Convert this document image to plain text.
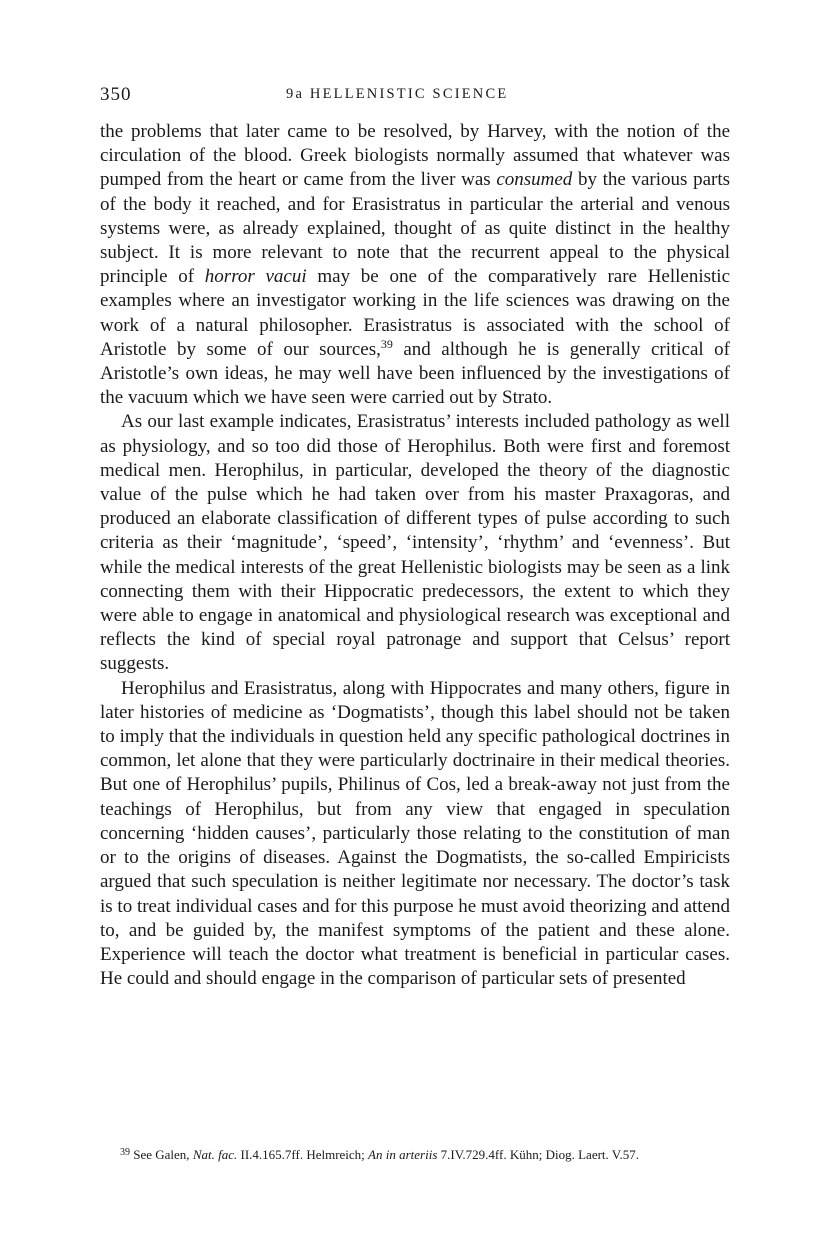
350	9a HELLENISTIC SCIENCE

the problems that later came to be resolved, by Harvey, with the notion of the circulation of the blood. Greek biologists normally assumed that whatever was pumped from the heart or came from the liver was consumed by the various parts of the body it reached, and for Erasistratus in particular the arterial and venous systems were, as already explained, thought of as quite distinct in the healthy subject. It is more relevant to note that the recurrent appeal to the physical principle of horror vacui may be one of the comparatively rare Hellenistic examples where an investigator working in the life sciences was drawing on the work of a natural philosopher. Erasistratus is associated with the school of Aristotle by some of our sources,$^{39}$ and although he is generally critical of Aristotle’s own ideas, he may well have been influenced by the investigations of the vacuum which we have seen were carried out by Strato.

As our last example indicates, Erasistratus’ interests included pathology as well as physiology, and so too did those of Herophilus. Both were first and foremost medical men. Herophilus, in particular, developed the theory of the diagnostic value of the pulse which he had taken over from his master Praxagoras, and produced an elaborate classification of different types of pulse according to such criteria as their ‘magnitude’, ‘speed’, ‘intensity’, ‘rhythm’ and ‘evenness’. But while the medical interests of the great Hellenistic biologists may be seen as a link connecting them with their Hippocratic predecessors, the extent to which they were able to engage in anatomical and physiological research was exceptional and reflects the kind of special royal patronage and support that Celsus’ report suggests.

Herophilus and Erasistratus, along with Hippocrates and many others, figure in later histories of medicine as ‘Dogmatists’, though this label should not be taken to imply that the individuals in question held any specific pathological doctrines in common, let alone that they were particularly doctrinaire in their medical theories. But one of Herophilus’ pupils, Philinus of Cos, led a break-away not just from the teachings of Herophilus, but from any view that engaged in speculation concerning ‘hidden causes’, particularly those relating to the constitution of man or to the origins of diseases. Against the Dogmatists, the so-called Empiricists argued that such speculation is neither legitimate nor necessary. The doctor’s task is to treat individual cases and for this purpose he must avoid theorizing and attend to, and be guided by, the manifest symptoms of the patient and these alone. Experience will teach the doctor what treatment is beneficial in particular cases. He could and should engage in the comparison of particular sets of presented

$^{39}$ See Galen, Nat. fac. II.4.165.7ff. Helmreich; An in arteriis 7.IV.729.4ff. Kühn; Diog. Laert. V.57.
